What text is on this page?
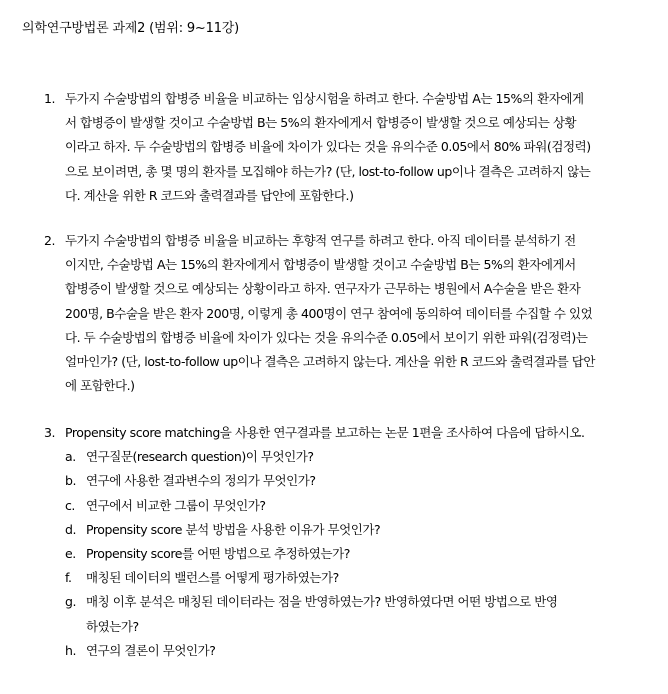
의학연구방법론 과제2 (범위: 9~11강)
1. 두가지 수술방법의 합병증 비율을 비교하는 임상시험을 하려고 한다. 수술방법 A는 15%의 환자에게
서 합병증이 발생할 것이고 수술방법 B는 5%의 환자에게서 합병증이 발생할 것으로 예상되는 상황
이라고 하자. 두 수술방법의 합병증 비율에 차이가 있다는 것을 유의수준 0.05에서 80% 파워(검정력)
으로 보이려면, 총 몇 명의 환자를 모집해야 하는가? (단, lost-to-follow up이나 결측은 고려하지 않는
다. 계산을 위한 R 코드와 출력결과를 답안에 포함한다.)
2. 두가지 수술방법의 합병증 비율을 비교하는 후향적 연구를 하려고 한다. 아직 데이터를 분석하기 전
이지만, 수술방법 A는 15%의 환자에게서 합병증이 발생할 것이고 수술방법 B는 5%의 환자에게서
합병증이 발생할 것으로 예상되는 상황이라고 하자. 연구자가 근무하는 병원에서 A수술을 받은 환자
200명, B수술을 받은 환자 200명, 이렇게 총 400명이 연구 참여에 동의하여 데이터를 수집할 수 있었
다. 두 수술방법의 합병증 비율에 차이가 있다는 것을 유의수준 0.05에서 보이기 위한 파워(검정력)는
얼마인가? (단, lost-to-follow up이나 결측은 고려하지 않는다. 계산을 위한 R 코드와 출력결과를 답안
에 포함한다.)
3. Propensity score matching을 사용한 연구결과를 보고하는 논문 1편을 조사하여 다음에 답하시오.
a. 연구질문(research question)이 무엇인가?
b. 연구에 사용한 결과변수의 정의가 무엇인가?
c. 연구에서 비교한 그룹이 무엇인가?
d. Propensity score 분석 방법을 사용한 이유가 무엇인가?
e. Propensity score를 어떤 방법으로 추정하였는가?
f. 매칭된 데이터의 밸런스를 어떻게 평가하였는가?
g. 매칭 이후 분석은 매칭된 데이터라는 점을 반영하였는가? 반영하였다면 어떤 방법으로 반영
하였는가?
h. 연구의 결론이 무엇인가?
